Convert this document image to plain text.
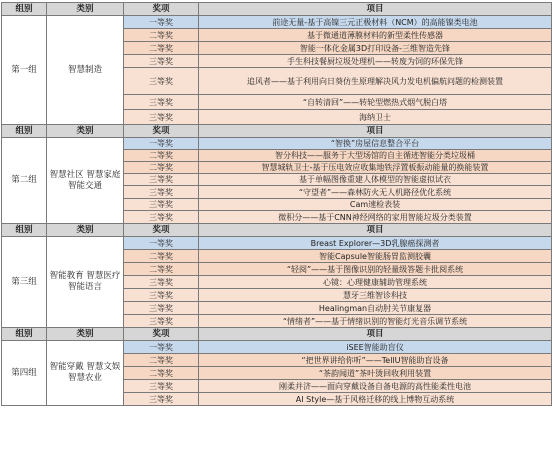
组别	类别	奖项	项目
第一组	智慧制造	一等奖	前途无量-基于高镍三元正极材料（NCM）的高能镍类电池
		二等奖	基于微通道薄膜材料的新型柔性传感器
		二等奖	智能一体化金属3D打印设备-三维智造先锋
		三等奖	手生科技餐厨垃圾处理机——转废为饲的环保先锋
		三等奖	追风者——基于利用向日葵仿生原理解决风力发电机偏航问题的检测装置
		三等奖	“自转清回”——转轮型燃热式烟气脱白塔
		三等奖	海纳卫士
组别	类别	奖项	项目
第二组	智慧社区 智慧家庭 智能交通	一等奖	“智换”房屋信息整合平台
		二等奖	智分科技——服务于大型场馆的自主循迹智能分类垃圾桶
		二等奖	智慧城轨卫士-基于压电效应收集地铁浮置板振动能量的换能装置
		三等奖	基于单幅图像重建人体模型的智能虚拟试衣
		三等奖	“守望者”——森林防火无人机路径优化系统
		三等奖	Cam速检表装
		三等奖	微积分——基于CNN神经网络的家用智能垃圾分类装置
组别	类别	奖项	项目
第三组	智能教育 智慧医疗 智能语言	一等奖	Breast Explorer—3D乳腺癌探测者
		二等奖	智能Capsule智能肠胃监测胶囊
		二等奖	“轻阅”——基于图像识别的轻量级答题卡批阅系统
		三等奖	心镜：心理健康辅助管理系统
		三等奖	慧牙三维智诊科技
		三等奖	Healingman自动肘关节康复器
		三等奖	“情绪者”——基于情绪识别的智能灯光音乐调节系统
组别	类别	奖项	项目
第四组	智能穿戴 智慧文娱 智慧农业	一等奖	iSEE智能助盲仪
		二等奖	“把世界讲给你听”——TellU智能助盲设备
		二等奖	“茶韵闻道”茶叶烫回收利用装置
		三等奖	刚柔并济——面向穿戴设备自备电源的高性能柔性电池
		三等奖	AI Style—基于风格迁移的线上博物互动系统
